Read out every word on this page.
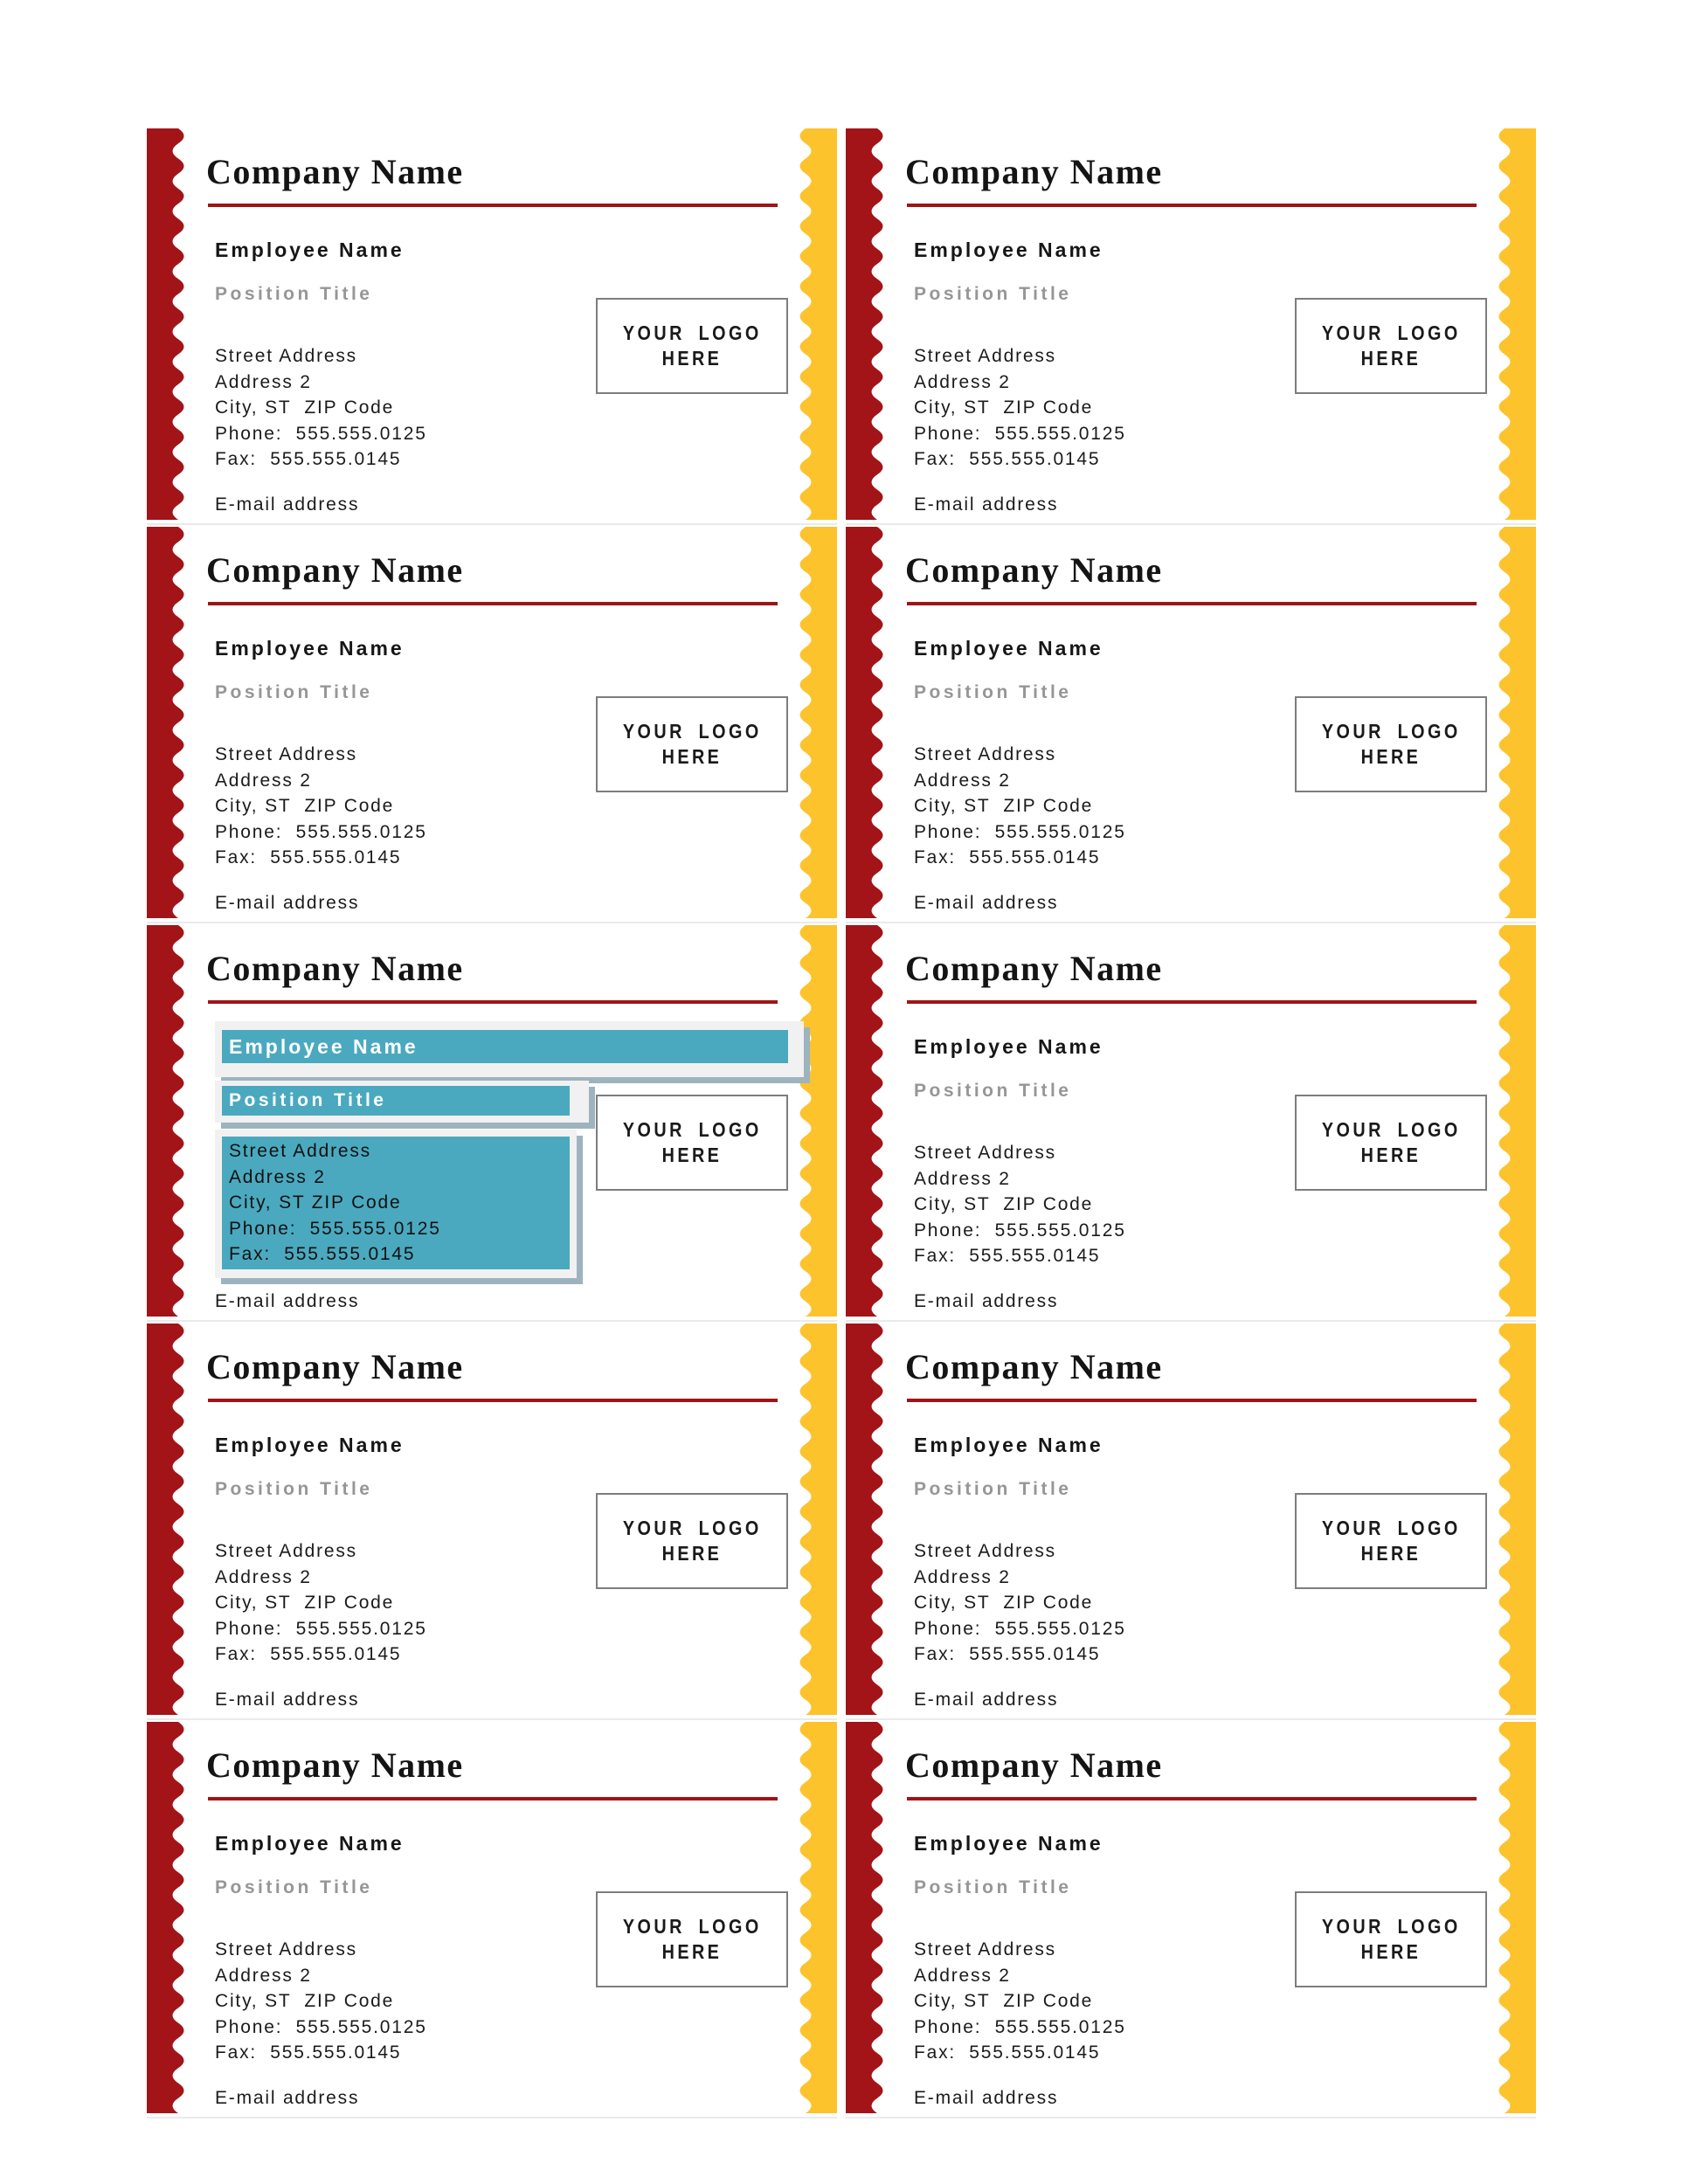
Company Name
Employee Name
Position Title
Street Address
Address 2
City, ST  ZIP Code
Phone:  555.555.0125
Fax:  555.555.0145
E-mail address
YOUR LOGO
HERE
Company Name
Employee Name
Position Title
Street Address
Address 2
City, ST  ZIP Code
Phone:  555.555.0125
Fax:  555.555.0145
E-mail address
YOUR LOGO
HERE
Company Name
Employee Name
Position Title
Street Address
Address 2
City, ST  ZIP Code
Phone:  555.555.0125
Fax:  555.555.0145
E-mail address
YOUR LOGO
HERE
Company Name
Employee Name
Position Title
Street Address
Address 2
City, ST  ZIP Code
Phone:  555.555.0125
Fax:  555.555.0145
E-mail address
YOUR LOGO
HERE
Company Name
Employee Name
Position Title
Street Address
Address 2
City, ST ZIP Code
Phone:  555.555.0125
Fax:  555.555.0145
E-mail address
YOUR LOGO
HERE
Company Name
Employee Name
Position Title
Street Address
Address 2
City, ST  ZIP Code
Phone:  555.555.0125
Fax:  555.555.0145
E-mail address
YOUR LOGO
HERE
Company Name
Employee Name
Position Title
Street Address
Address 2
City, ST  ZIP Code
Phone:  555.555.0125
Fax:  555.555.0145
E-mail address
YOUR LOGO
HERE
Company Name
Employee Name
Position Title
Street Address
Address 2
City, ST  ZIP Code
Phone:  555.555.0125
Fax:  555.555.0145
E-mail address
YOUR LOGO
HERE
Company Name
Employee Name
Position Title
Street Address
Address 2
City, ST  ZIP Code
Phone:  555.555.0125
Fax:  555.555.0145
E-mail address
YOUR LOGO
HERE
Company Name
Employee Name
Position Title
Street Address
Address 2
City, ST  ZIP Code
Phone:  555.555.0125
Fax:  555.555.0145
E-mail address
YOUR LOGO
HERE
